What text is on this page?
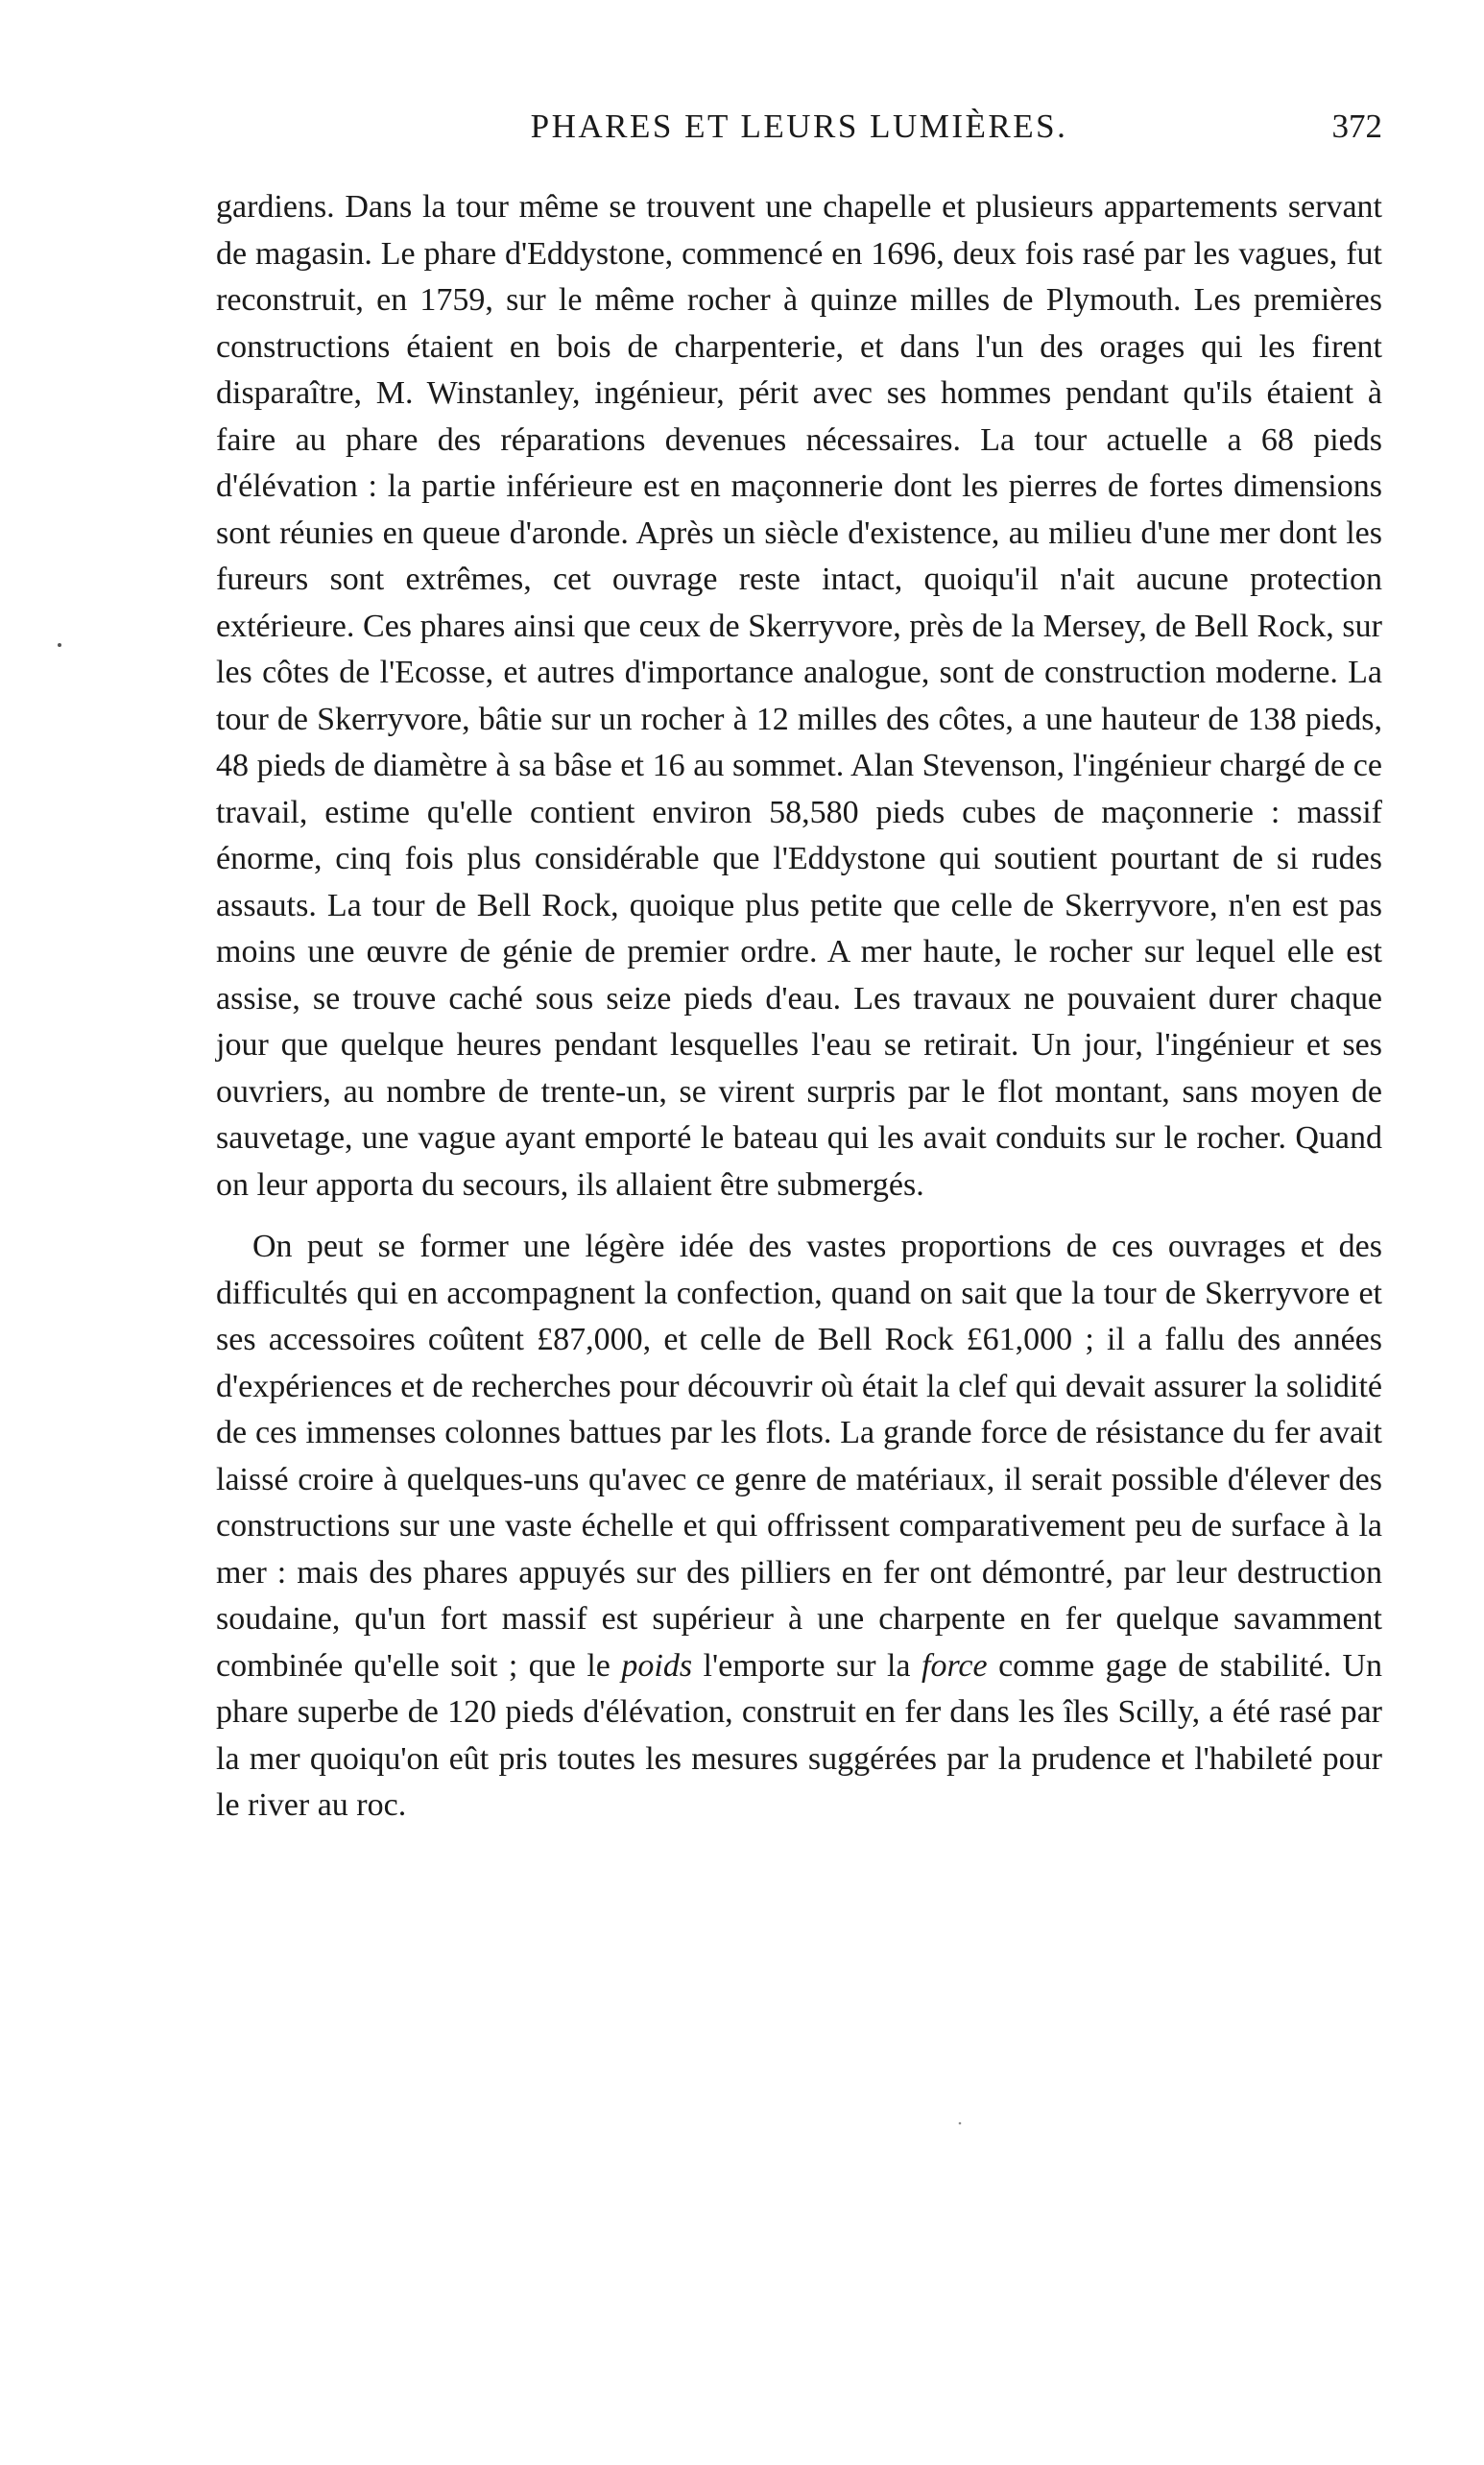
PHARES ET LEURS LUMIÈRES.	372

gardiens. Dans la tour même se trouvent une chapelle et plusieurs appartements servant de magasin. Le phare d'Eddystone, commencé en 1696, deux fois rasé par les vagues, fut reconstruit, en 1759, sur le même rocher à quinze milles de Plymouth. Les premières constructions étaient en bois de charpenterie, et dans l'un des orages qui les firent disparaître, M. Winstanley, ingénieur, périt avec ses hommes pendant qu'ils étaient à faire au phare des réparations devenues nécessaires. La tour actuelle a 68 pieds d'élévation : la partie inférieure est en maçonnerie dont les pierres de fortes dimensions sont réunies en queue d'aronde. Après un siècle d'existence, au milieu d'une mer dont les fureurs sont extrêmes, cet ouvrage reste intact, quoiqu'il n'ait aucune protection extérieure. Ces phares ainsi que ceux de Skerryvore, près de la Mersey, de Bell Rock, sur les côtes de l'Ecosse, et autres d'importance analogue, sont de construction moderne. La tour de Skerryvore, bâtie sur un rocher à 12 milles des côtes, a une hauteur de 138 pieds, 48 pieds de diamètre à sa bâse et 16 au sommet. Alan Stevenson, l'ingénieur chargé de ce travail, estime qu'elle contient environ 58,580 pieds cubes de maçonnerie : massif énorme, cinq fois plus considérable que l'Eddystone qui soutient pourtant de si rudes assauts. La tour de Bell Rock, quoique plus petite que celle de Skerryvore, n'en est pas moins une œuvre de génie de premier ordre. A mer haute, le rocher sur lequel elle est assise, se trouve caché sous seize pieds d'eau. Les travaux ne pouvaient durer chaque jour que quelque heures pendant lesquelles l'eau se retirait. Un jour, l'ingénieur et ses ouvriers, au nombre de trente-un, se virent surpris par le flot montant, sans moyen de sauvetage, une vague ayant emporté le bateau qui les avait conduits sur le rocher. Quand on leur apporta du secours, ils allaient être submergés.

On peut se former une légère idée des vastes proportions de ces ouvrages et des difficultés qui en accompagnent la confection, quand on sait que la tour de Skerryvore et ses accessoires coûtent £87,000, et celle de Bell Rock £61,000 ; il a fallu des années d'expériences et de recherches pour découvrir où était la clef qui devait assurer la solidité de ces immenses colonnes battues par les flots. La grande force de résistance du fer avait laissé croire à quelques-uns qu'avec ce genre de matériaux, il serait possible d'élever des constructions sur une vaste échelle et qui offrissent comparativement peu de surface à la mer : mais des phares appuyés sur des pilliers en fer ont démontré, par leur destruction soudaine, qu'un fort massif est supérieur à une charpente en fer quelque savamment combinée qu'elle soit ; que le poids l'emporte sur la force comme gage de stabilité. Un phare superbe de 120 pieds d'élévation, construit en fer dans les îles Scilly, a été rasé par la mer quoiqu'on eût pris toutes les mesures suggérées par la prudence et l'habileté pour le river au roc.
